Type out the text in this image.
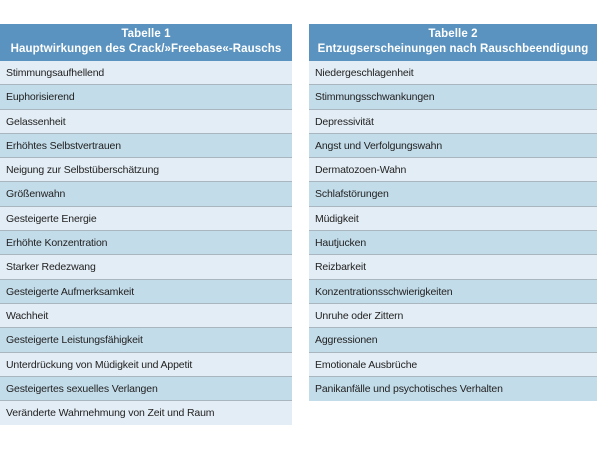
Tabelle 1
Hauptwirkungen des Crack/»Freebase«-Rauschs
Stimmungsaufhellend
Euphorisierend
Gelassenheit
Erhöhtes Selbstvertrauen
Neigung zur Selbstüberschätzung
Größenwahn
Gesteigerte Energie
Erhöhte Konzentration
Starker Redezwang
Gesteigerte Aufmerksamkeit
Wachheit
Gesteigerte Leistungsfähigkeit
Unterdrückung von Müdigkeit und Appetit
Gesteigertes sexuelles Verlangen
Veränderte Wahrnehmung von Zeit und Raum
Tabelle 2
Entzugserscheinungen nach Rauschbeendigung
Niedergeschlagenheit
Stimmungsschwankungen
Depressivität
Angst und Verfolgungswahn
Dermatozoen-Wahn
Schlafstörungen
Müdigkeit
Hautjucken
Reizbarkeit
Konzentrationsschwierigkeiten
Unruhe oder Zittern
Aggressionen
Emotionale Ausbrüche
Panikanfälle und psychotisches Verhalten
